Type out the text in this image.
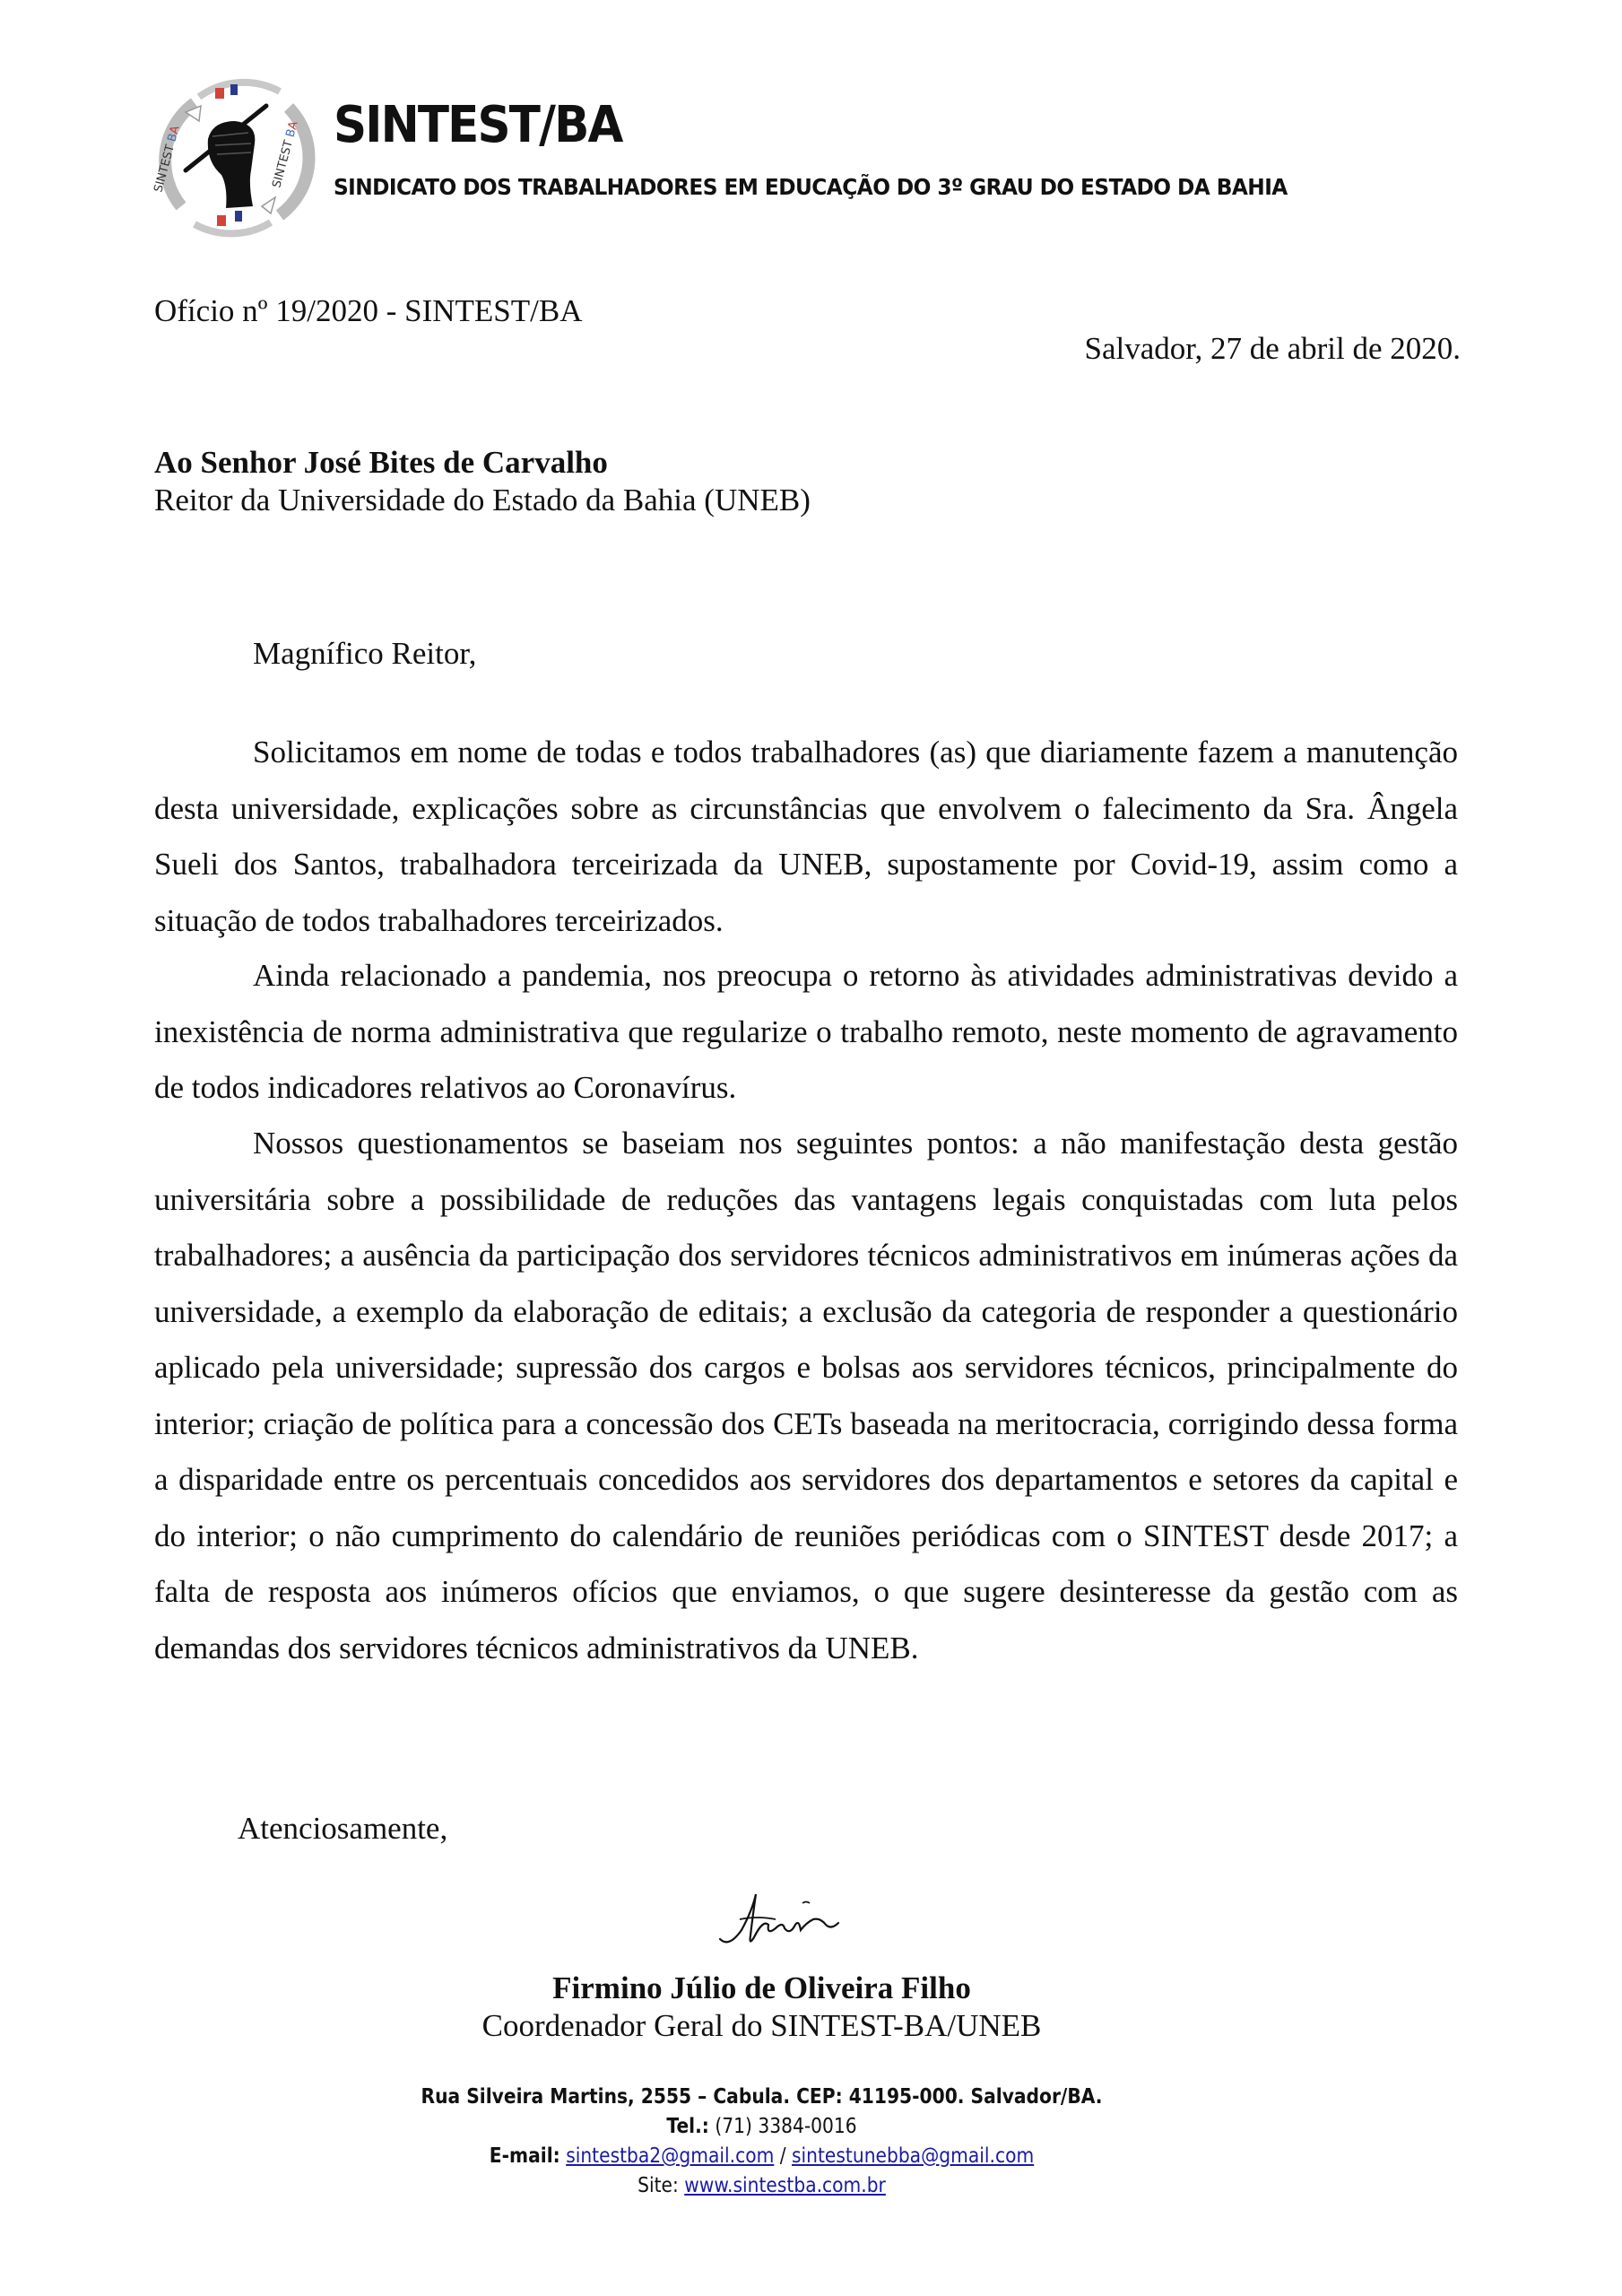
SINTEST BA
SINTEST BA SINTEST/BA
SINDICATO DOS TRABALHADORES EM EDUCAÇÃO DO 3º GRAU DO ESTADO DA BAHIA
Ofício nº 19/2020 - SINTEST/BA
Salvador, 27 de abril de 2020.
Ao Senhor José Bites de Carvalho
Reitor da Universidade do Estado da Bahia (UNEB)
Magnífico Reitor,

Solicitamos em nome de todas e todos trabalhadores (as) que diariamente fazem a manutenção desta universidade, explicações sobre as circunstâncias que envolvem o falecimento da Sra. Ângela Sueli dos Santos, trabalhadora terceirizada da UNEB, supostamente por Covid-19, assim como a situação de todos trabalhadores terceirizados.

Ainda relacionado a pandemia, nos preocupa o retorno às atividades administrativas devido a inexistência de norma administrativa que regularize o trabalho remoto, neste momento de agravamento de todos indicadores relativos ao Coronavírus.

Nossos questionamentos se baseiam nos seguintes pontos: a não manifestação desta gestão universitária sobre a possibilidade de reduções das vantagens legais conquistadas com luta pelos trabalhadores; a ausência da participação dos servidores técnicos administrativos em inúmeras ações da universidade, a exemplo da elaboração de editais; a exclusão da categoria de responder a questionário aplicado pela universidade; supressão dos cargos e bolsas aos servidores técnicos, principalmente do interior; criação de política para a concessão dos CETs baseada na meritocracia, corrigindo dessa forma a disparidade entre os percentuais concedidos aos servidores dos departamentos e setores da capital e do interior; o não cumprimento do calendário de reuniões periódicas com o SINTEST desde 2017; a falta de resposta aos inúmeros ofícios que enviamos, o que sugere desinteresse da gestão com as demandas dos servidores técnicos administrativos da UNEB.

Atenciosamente,
Firmino Júlio de Oliveira Filho
Coordenador Geral do SINTEST-BA/UNEB
Rua Silveira Martins, 2555 – Cabula. CEP: 41195-000. Salvador/BA.
Tel.: (71) 3384-0016
E-mail: sintestba2@gmail.com / sintestunebba@gmail.com
Site: www.sintestba.com.br
